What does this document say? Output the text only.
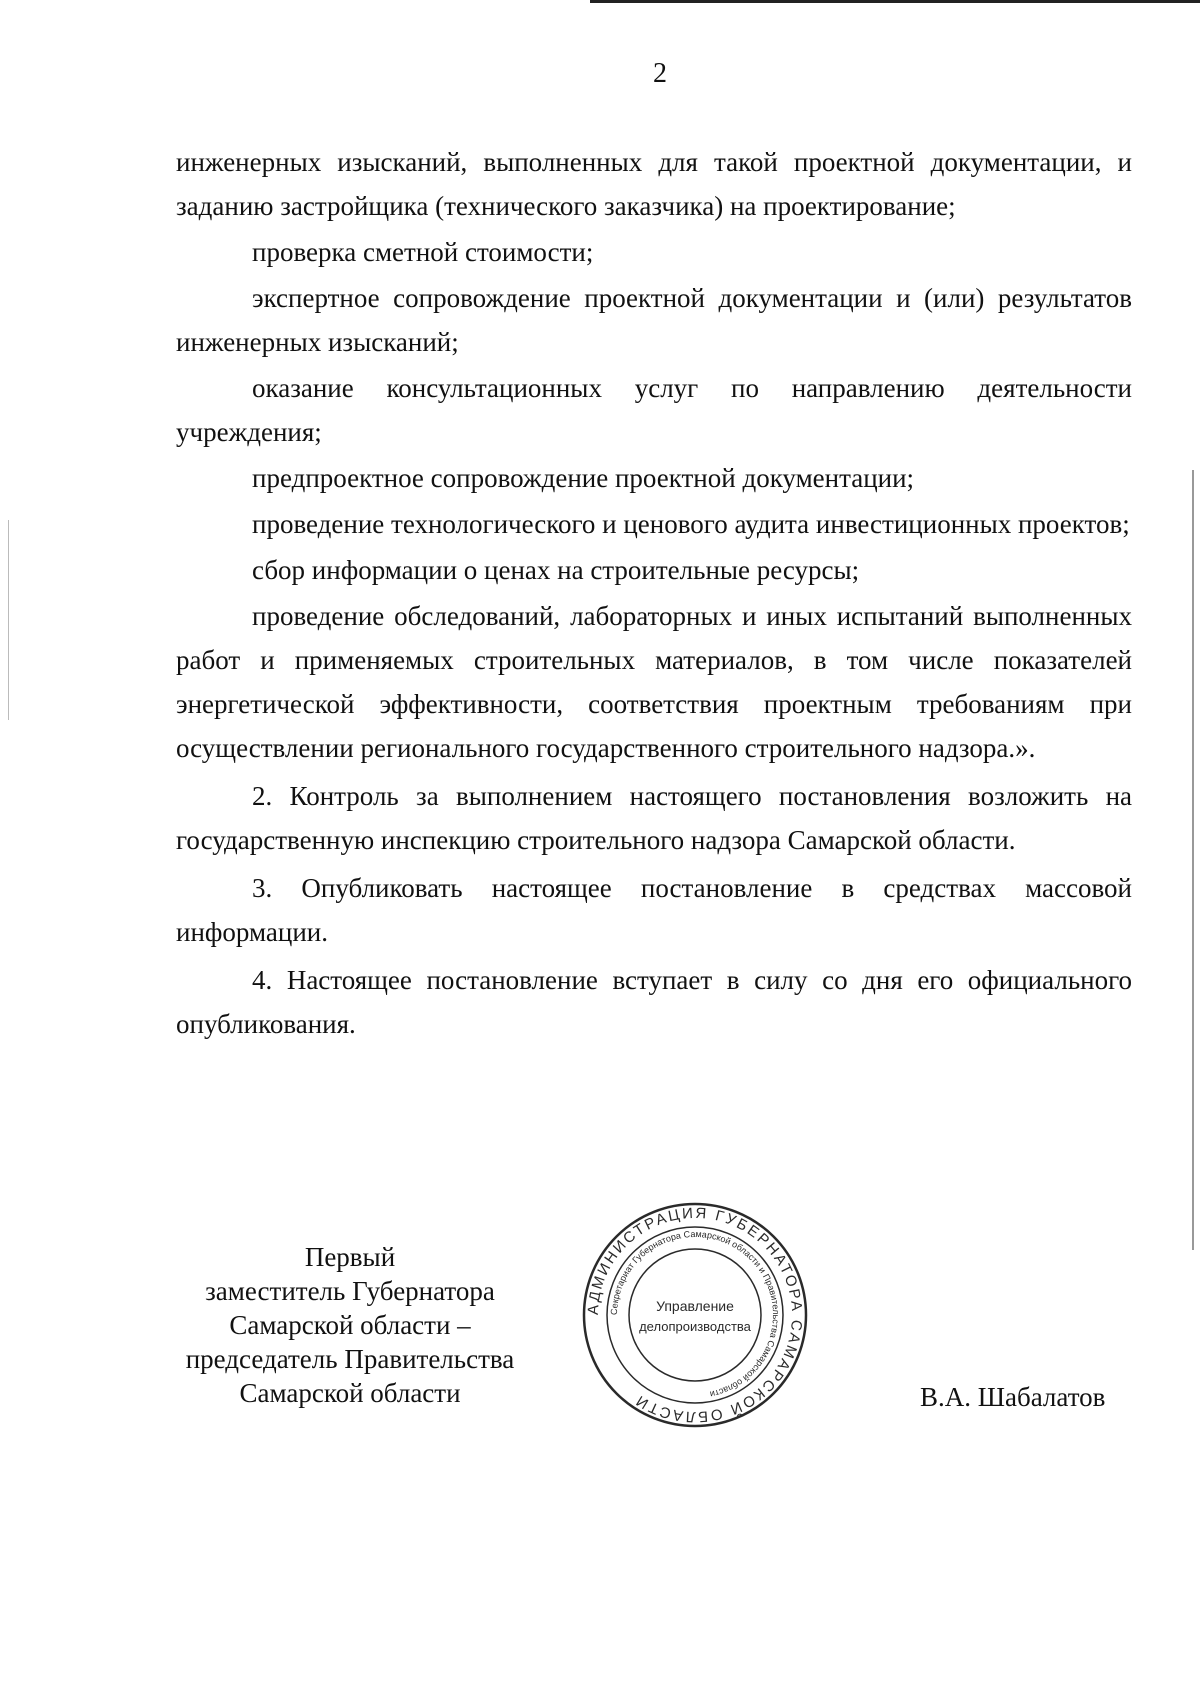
2

инженерных изысканий, выполненных для такой проектной документации, и заданию застройщика (технического заказчика) на проектирование;

проверка сметной стоимости;

экспертное сопровождение проектной документации и (или) результатов инженерных изысканий;

оказание консультационных услуг по направлению деятельности учреждения;

предпроектное сопровождение проектной документации;

проведение технологического и ценового аудита инвестиционных проектов;

сбор информации о ценах на строительные ресурсы;

проведение обследований, лабораторных и иных испытаний выполненных работ и применяемых строительных материалов, в том числе показателей энергетической эффективности, соответствия проектным требованиям при осуществлении регионального государственного строительного надзора.».

2. Контроль за выполнением настоящего постановления возложить на государственную инспекцию строительного надзора Самарской области.

3. Опубликовать настоящее постановление в средствах массовой информации.

4. Настоящее постановление вступает в силу со дня его официального опубликования.

Первый
заместитель Губернатора
Самарской области –
председатель Правительства
Самарской области
АДМИНИСТРАЦИЯ ГУБЕРНАТОРА САМАРСКОЙ ОБЛАСТИ
Секретариат Губернатора Самарской области и Правительства Самарской области
Управление
делопроизводства
В.А. Шабалатов
